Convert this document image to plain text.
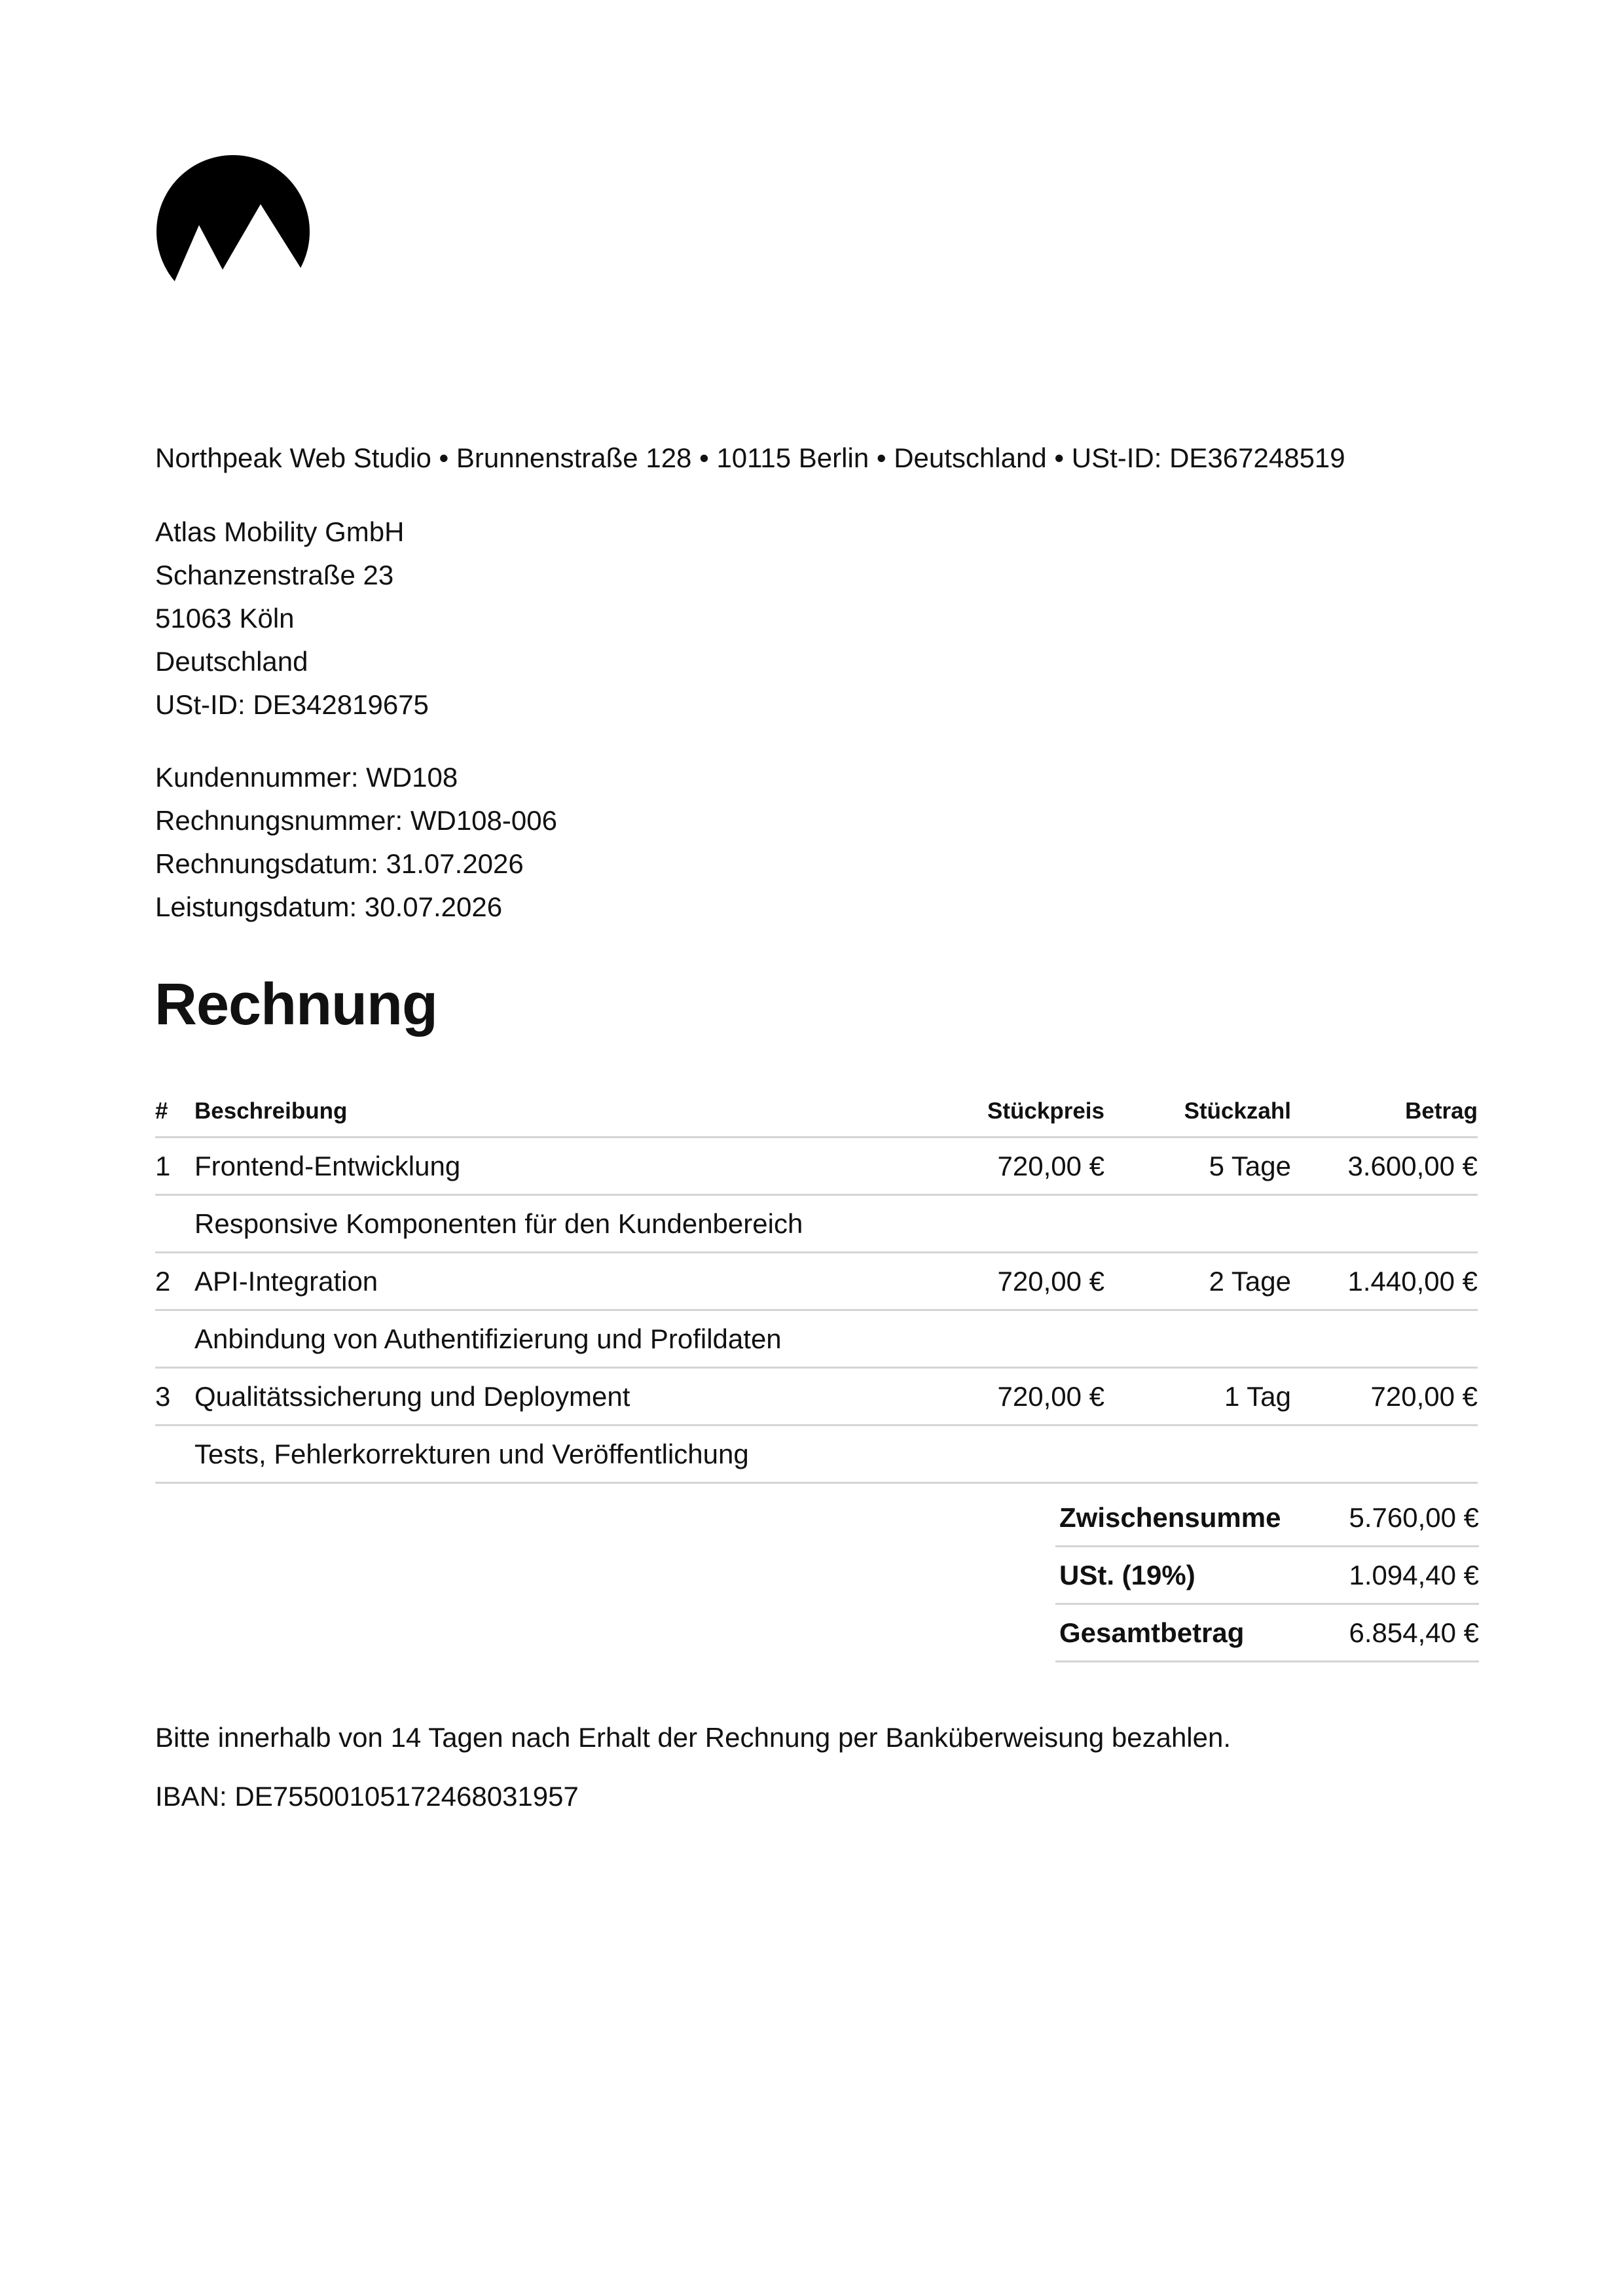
Northpeak Web Studio • Brunnenstraße 128 • 10115 Berlin • Deutschland • USt-ID: DE367248519
Atlas Mobility GmbH
Schanzenstraße 23
51063 Köln
Deutschland
USt-ID: DE342819675
Kundennummer: WD108
Rechnungsnummer: WD108-006
Rechnungsdatum: 31.07.2026
Leistungsdatum: 30.07.2026
Rechnung
#	Beschreibung	Stückpreis	Stückzahl	Betrag
1	Frontend-Entwicklung	720,00 €	5 Tage	3.600,00 €
	Responsive Komponenten für den Kundenbereich			
2	API-Integration	720,00 €	2 Tage	1.440,00 €
	Anbindung von Authentifizierung und Profildaten			
3	Qualitätssicherung und Deployment	720,00 €	1 Tag	720,00 €
	Tests, Fehlerkorrekturen und Veröffentlichung			
Zwischensumme	5.760,00 €
USt. (19%)	1.094,40 €
Gesamtbetrag	6.854,40 €
Bitte innerhalb von 14 Tagen nach Erhalt der Rechnung per Banküberweisung bezahlen.
IBAN: DE75500105172468031957
